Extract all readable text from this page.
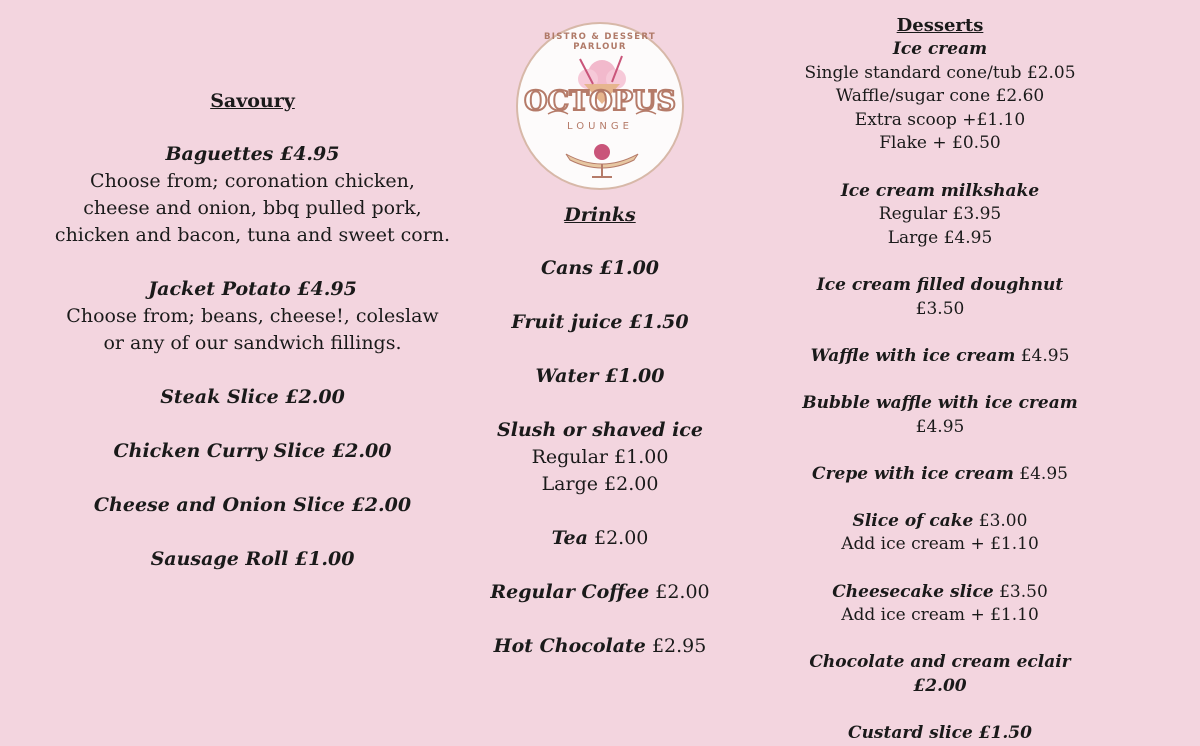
BISTRO & DESSERT PARLOUR
OCTOPUS
LOUNGE
Savoury
Baguettes £4.95
Choose from; coronation chicken,
cheese and onion, bbq pulled pork,
chicken and bacon, tuna and sweet corn.
Jacket Potato £4.95
Choose from; beans, cheese!, coleslaw
or any of our sandwich fillings.
Steak Slice £2.00
Chicken Curry Slice £2.00
Cheese and Onion Slice £2.00
Sausage Roll £1.00
Drinks
Cans £1.00
Fruit juice £1.50
Water £1.00
Slush or shaved ice
Regular £1.00
Large £2.00
Tea £2.00
Regular Coffee £2.00
Hot Chocolate £2.95
Desserts
Ice cream
Single standard cone/tub £2.05
Waffle/sugar cone £2.60
Extra scoop +£1.10
Flake + £0.50
Ice cream milkshake
Regular £3.95
Large £4.95
Ice cream filled doughnut £3.50
Waffle with ice cream £4.95
Bubble waffle with ice cream £4.95
Crepe with ice cream £4.95
Slice of cake £3.00
Add ice cream + £1.10
Cheesecake slice £3.50
Add ice cream + £1.10
Chocolate and cream eclair £2.00
Custard slice £1.50
